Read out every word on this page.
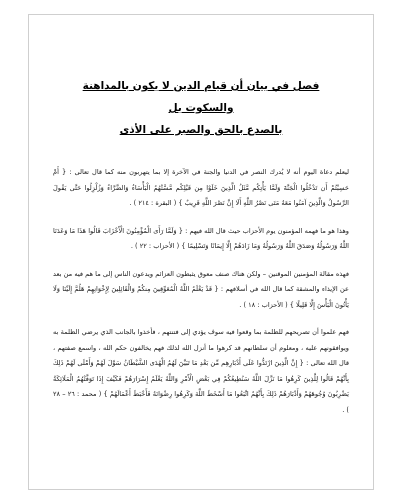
فصل في بيان أن قيام الدين لا يكون بالمداهنة والسكوت بل
بالصدع بالحق والصبر على الأذى

ليعلم دعاة اليوم أنه لا يُدرك النصر في الدنيا والجنة في الآخرة إلا بما يتهربون منه كما قال تعالى : { أَمْ حَسِبْتُمْ أَن تَدْخُلُوا الْجَنَّةَ وَلَمَّا يَأْتِكُم مَّثَلُ الَّذِينَ خَلَوْا مِن قَبْلِكُم مَّسَّتْهُمُ الْبَأْسَاءُ وَالضَّرَّاءُ وَزُلْزِلُوا حَتَّى يَقُولَ الرَّسُولُ وَالَّذِينَ آمَنُوا مَعَهُ مَتَى نَصْرُ اللَّهِ أَلَا إِنَّ نَصْرَ اللَّهِ قَرِيبٌ } ( البقرة : ٢١٤ ) .

وهذا هو ما فهمه المؤمنون يوم الأحزاب حيث قال الله فيهم : { وَلَمَّا رَأَى الْمُؤْمِنُونَ الْأَحْزَابَ قَالُوا هَذَا مَا وَعَدَنَا اللَّهُ وَرَسُولُهُ وَصَدَقَ اللَّهُ وَرَسُولُهُ وَمَا زَادَهُمْ إِلَّا إِيمَانًا وَتَسْلِيمًا } ( الأحزاب : ٢٢ ) .

فهذه مقالة المؤمنين الموقنين – ولكن هناك صنف معوق يثبطون العزائم ويدعون الناس إلى ما هم فيه من بعد عن الإيذاء والمشقة كما قال الله في أسلافهم : { قَدْ يَعْلَمُ اللَّهُ الْمُعَوِّقِينَ مِنكُمْ وَالْقَائِلِينَ لِإِخْوَانِهِمْ هَلُمَّ إِلَيْنَا وَلَا يَأْتُونَ الْبَأْسَ إِلَّا قَلِيلًا } ( الأحزاب : ١٨ ) .

فهم علموا أن تصريحهم للظلمة بما وقعوا فيه سوف يؤدي إلى فتنتهم ، فأخذوا بالجانب الذي يرضي الظلمة به ويوافقونهم عليه ، ومعلوم أن سلطانهم قد كرهوا ما أنزل الله لذلك فهم يخالفون حكم الله ، واسمع صفتهم ، قال الله تعالى : { إِنَّ الَّذِينَ ارْتَدُّوا عَلَى أَدْبَارِهِم مِّن بَعْدِ مَا تَبَيَّنَ لَهُمُ الْهُدَى الشَّيْطَانُ سَوَّلَ لَهُمْ وَأَمْلَى لَهُمْ ذَلِكَ بِأَنَّهُمْ قَالُوا لِلَّذِينَ كَرِهُوا مَا نَزَّلَ اللَّهُ سَنُطِيعُكُمْ فِي بَعْضِ الْأَمْرِ وَاللَّهُ يَعْلَمُ إِسْرَارَهُمْ فَكَيْفَ إِذَا تَوَفَّتْهُمُ الْمَلَائِكَةُ يَضْرِبُونَ وُجُوهَهُمْ وَأَدْبَارَهُمْ ذَلِكَ بِأَنَّهُمُ اتَّبَعُوا مَا أَسْخَطَ اللَّهَ وَكَرِهُوا رِضْوَانَهُ فَأَحْبَطَ أَعْمَالَهُمْ } ( محمد : ٢٦ – ٢٨ ) .
